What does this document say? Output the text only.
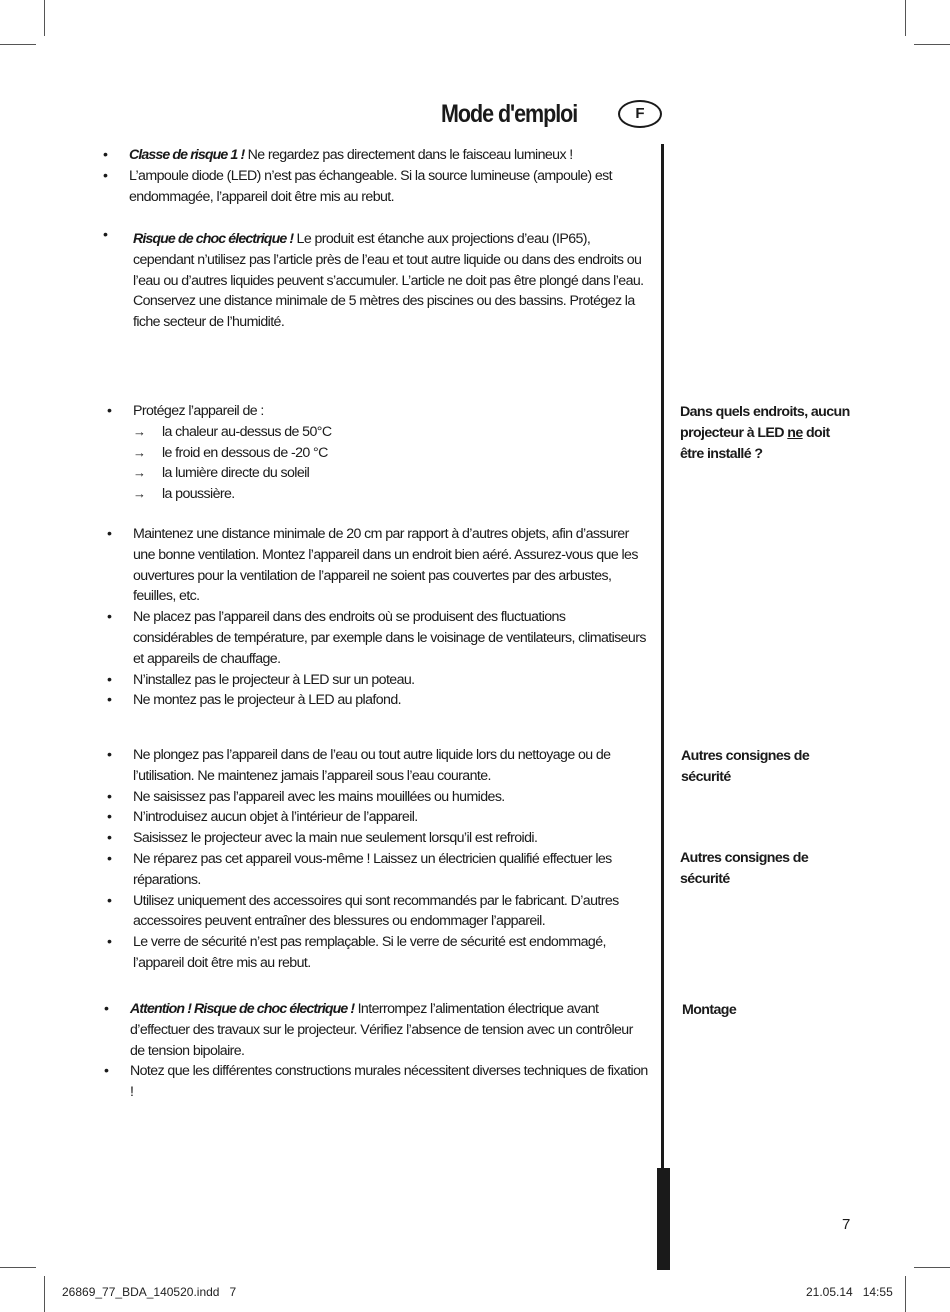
Mode d'emploi	F
• Classe de risque 1 ! Ne regardez pas directement dans le faisceau lumineux !
• L’ampoule diode (LED) n’est pas échangeable. Si la source lumineuse (ampoule) est endommagée, l’appareil doit être mis au rebut.
• Risque de choc électrique ! Le produit est étanche aux projections d’eau (IP65), cependant n’utilisez pas l’article près de l’eau et tout autre liquide ou dans des endroits ou l’eau ou d’autres liquides peuvent s’accumuler. L’article ne doit pas être plongé dans l’eau. Conservez une distance minimale de 5 mètres des piscines ou des bassins. Protégez la fiche secteur de l’humidité.
• Protégez l’appareil de :
→ la chaleur au-dessus de 50°C
→ le froid en dessous de -20 °C
→ la lumière directe du soleil
→ la poussière.
• Maintenez une distance minimale de 20 cm par rapport à d’autres objets, afin d’assurer une bonne ventilation. Montez l’appareil dans un endroit bien aéré. Assurez-vous que les ouvertures pour la ventilation de l’appareil ne soient pas couvertes par des arbustes, feuilles, etc.
• Ne placez pas l’appareil dans des endroits où se produisent des fluctuations considérables de température, par exemple dans le voisinage de ventilateurs, climatiseurs et appareils de chauffage.
• N’installez pas le projecteur à LED sur un poteau.
• Ne montez pas le projecteur à LED au plafond.
• Ne plongez pas l’appareil dans de l’eau ou tout autre liquide lors du nettoyage ou de l’utilisation. Ne maintenez jamais l’appareil sous l’eau courante.
• Ne saisissez pas l’appareil avec les mains mouillées ou humides.
• N’introduisez aucun objet à l’intérieur de l’appareil.
• Saisissez le projecteur avec la main nue seulement lorsqu’il est refroidi.
• Ne réparez pas cet appareil vous-même ! Laissez un électricien qualifié effectuer les réparations.
• Utilisez uniquement des accessoires qui sont recommandés par le fabricant. D’autres accessoires peuvent entraîner des blessures ou endommager l’appareil.
• Le verre de sécurité n’est pas remplaçable. Si le verre de sécurité est endommagé, l’appareil doit être mis au rebut.
• Attention ! Risque de choc électrique ! Interrompez l’alimentation électrique avant d’effectuer des travaux sur le projecteur. Vérifiez l’absence de tension avec un contrôleur de tension bipolaire.
• Notez que les différentes constructions murales nécessitent diverses techniques de fixation !
Dans quels endroits, aucun projecteur à LED ne doit être installé ?
Autres consignes de sécurité
Autres consignes de sécurité
Montage
7
26869_77_BDA_140520.indd   7	21.05.14   14:55
